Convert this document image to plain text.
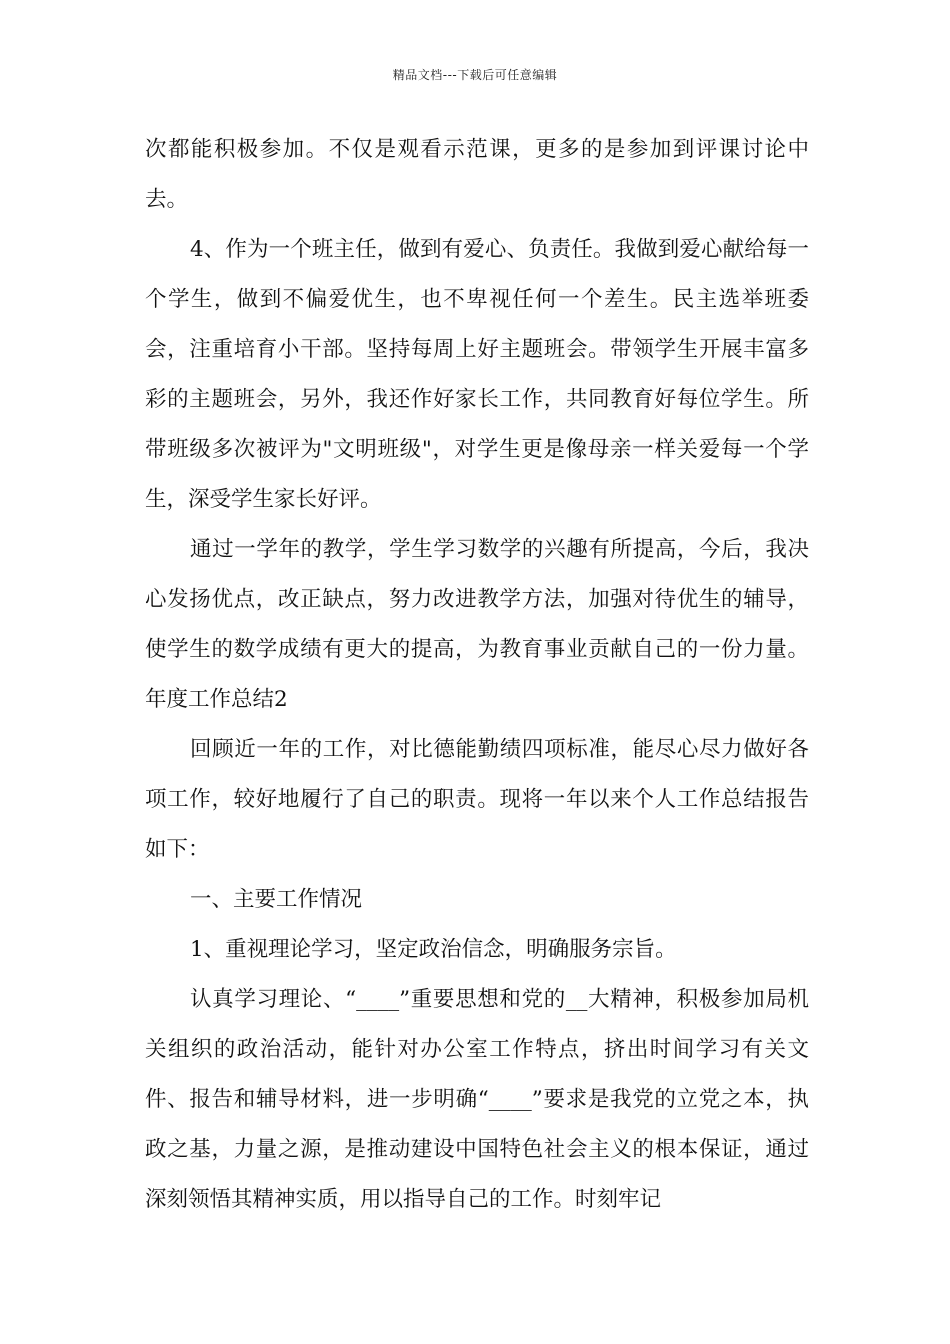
精品文档---下载后可任意编辑

次都能积极参加。不仅是观看示范课，更多的是参加到评课讨论中去。

4、作为一个班主任，做到有爱心、负责任。我做到爱心献给每一个学生，做到不偏爱优生，也不卑视任何一个差生。民主选举班委会，注重培育小干部。坚持每周上好主题班会。带领学生开展丰富多彩的主题班会，另外，我还作好家长工作，共同教育好每位学生。所带班级多次被评为"文明班级"，对学生更是像母亲一样关爱每一个学生，深受学生家长好评。

通过一学年的教学，学生学习数学的兴趣有所提高，今后，我决心发扬优点，改正缺点，努力改进教学方法，加强对待优生的辅导，使学生的数学成绩有更大的提高，为教育事业贡献自己的一份力量。年度工作总结2

回顾近一年的工作，对比德能勤绩四项标准，能尽心尽力做好各项工作，较好地履行了自己的职责。现将一年以来个人工作总结报告如下：

一、主要工作情况

1、重视理论学习，坚定政治信念，明确服务宗旨。

认真学习理论、“____”重要思想和党的__大精神，积极参加局机关组织的政治活动，能针对办公室工作特点，挤出时间学习有关文件、报告和辅导材料，进一步明确“____”要求是我党的立党之本，执政之基，力量之源，是推动建设中国特色社会主义的根本保证，通过深刻领悟其精神实质，用以指导自己的工作。时刻牢记
